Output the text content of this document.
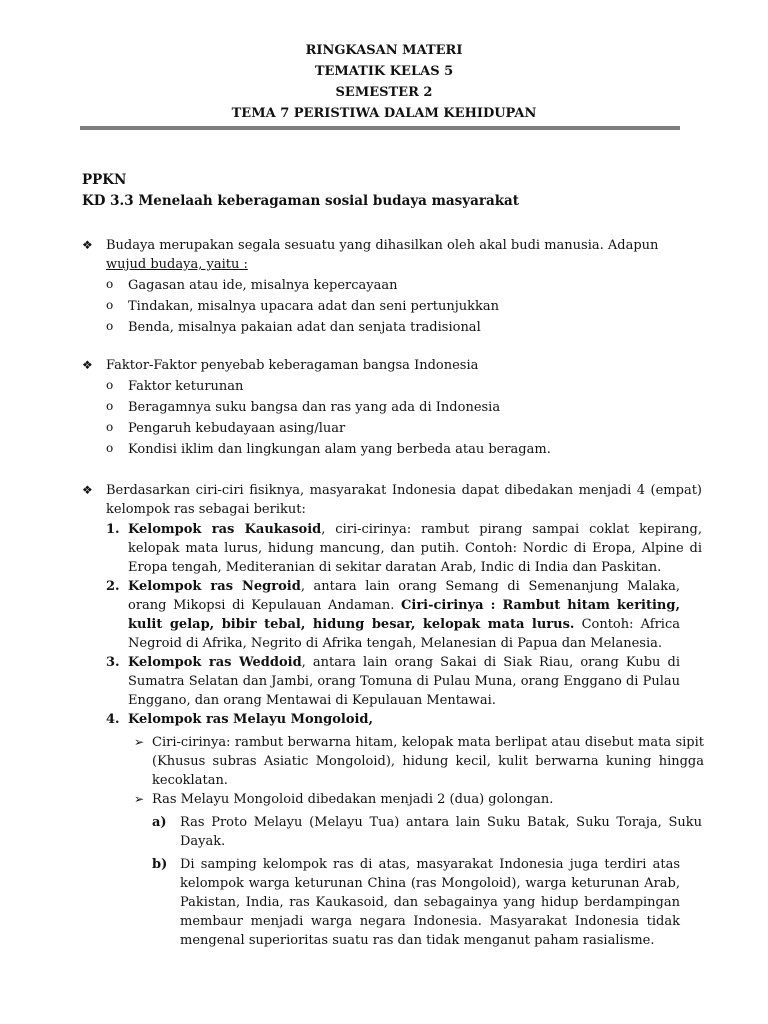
RINGKASAN MATERI
TEMATIK KELAS 5
SEMESTER 2
TEMA 7 PERISTIWA DALAM KEHIDUPAN
PPKN
KD 3.3 Menelaah keberagaman sosial budaya masyarakat
❖	Budaya merupakan segala sesuatu yang dihasilkan oleh akal budi manusia. Adapun wujud budaya, yaitu :
o Gagasan atau ide, misalnya kepercayaan
o Tindakan, misalnya upacara adat dan seni pertunjukkan
o Benda, misalnya pakaian adat dan senjata tradisional
❖	Faktor-Faktor penyebab keberagaman bangsa Indonesia
o Faktor keturunan
o Beragamnya suku bangsa dan ras yang ada di Indonesia
o Pengaruh kebudayaan asing/luar
o Kondisi iklim dan lingkungan alam yang berbeda atau beragam.
❖	Berdasarkan ciri-ciri fisiknya, masyarakat Indonesia dapat dibedakan menjadi 4 (empat) kelompok ras sebagai berikut:
1. Kelompok ras Kaukasoid, ciri-cirinya: rambut pirang sampai coklat kepirang, kelopak mata lurus, hidung mancung, dan putih. Contoh: Nordic di Eropa, Alpine di Eropa tengah, Mediteranian di sekitar daratan Arab, Indic di India dan Paskitan.
2. Kelompok ras Negroid, antara lain orang Semang di Semenanjung Malaka, orang Mikopsi di Kepulauan Andaman. Ciri-cirinya : Rambut hitam keriting, kulit gelap, bibir tebal, hidung besar, kelopak mata lurus. Contoh: Africa Negroid di Afrika, Negrito di Afrika tengah, Melanesian di Papua dan Melanesia.
3. Kelompok ras Weddoid, antara lain orang Sakai di Siak Riau, orang Kubu di Sumatra Selatan dan Jambi, orang Tomuna di Pulau Muna, orang Enggano di Pulau Enggano, dan orang Mentawai di Kepulauan Mentawai.
4. Kelompok ras Melayu Mongoloid,
➢ Ciri-cirinya: rambut berwarna hitam, kelopak mata berlipat atau disebut mata sipit (Khusus subras Asiatic Mongoloid), hidung kecil, kulit berwarna kuning hingga kecoklatan.
➢ Ras Melayu Mongoloid dibedakan menjadi 2 (dua) golongan.
a) Ras Proto Melayu (Melayu Tua) antara lain Suku Batak, Suku Toraja, Suku Dayak.
b) Di samping kelompok ras di atas, masyarakat Indonesia juga terdiri atas kelompok warga keturunan China (ras Mongoloid), warga keturunan Arab, Pakistan, India, ras Kaukasoid, dan sebagainya yang hidup berdampingan membaur menjadi warga negara Indonesia. Masyarakat Indonesia tidak mengenal superioritas suatu ras dan tidak menganut paham rasialisme.
